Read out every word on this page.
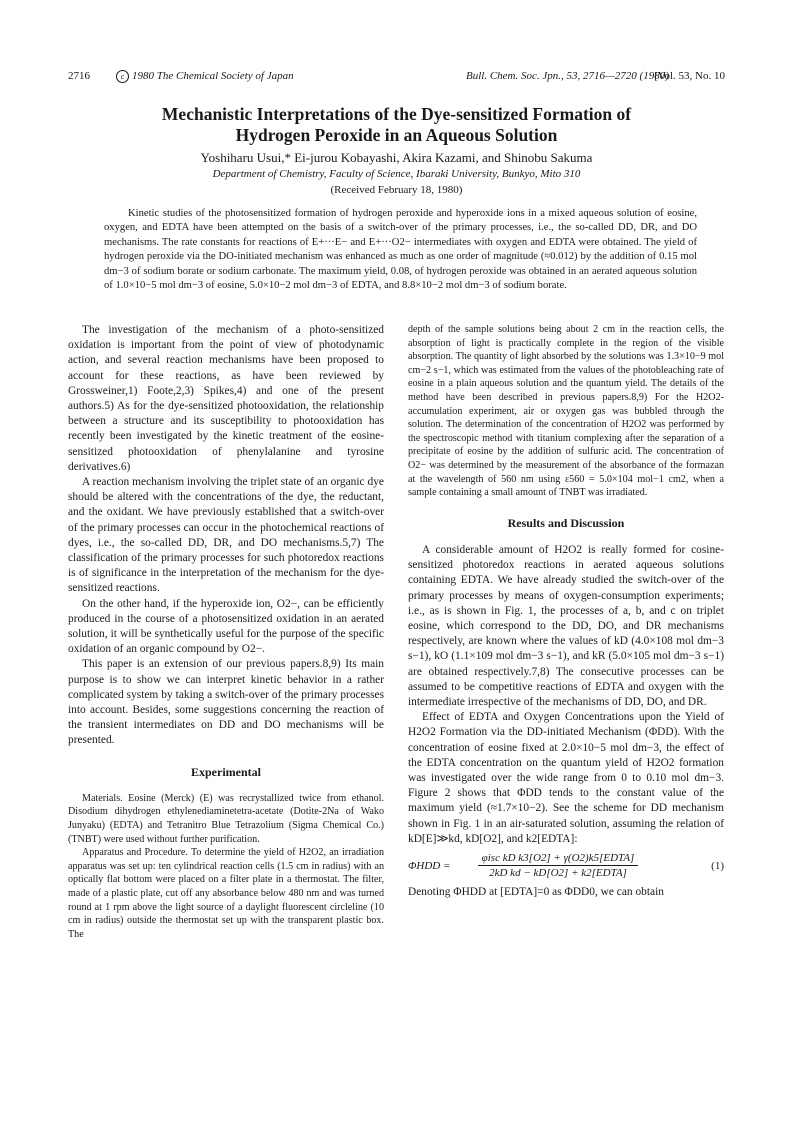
2716	c 1980 The Chemical Society of Japan	Bull. Chem. Soc. Jpn., 53, 2716—2720 (1980)
[Vol. 53, No. 10
Mechanistic Interpretations of the Dye-sensitized Formation of
Hydrogen Peroxide in an Aqueous Solution
Yoshiharu Usui,* Ei-jurou Kobayashi, Akira Kazami, and Shinobu Sakuma
Department of Chemistry, Faculty of Science, Ibaraki University, Bunkyo, Mito 310
(Received February 18, 1980)
Kinetic studies of the photosensitized formation of hydrogen peroxide and hyperoxide ions in a mixed aqueous solution of eosine, oxygen, and EDTA have been attempted on the basis of a switch-over of the primary processes, i.e., the so-called DD, DR, and DO mechanisms. The rate constants for reactions of E+···E− and E+···O2− intermediates with oxygen and EDTA were obtained. The yield of hydrogen peroxide via the DO-initiated mechanism was enhanced as much as one order of magnitude (≈0.012) by the addition of 0.15 mol dm−3 of sodium borate or sodium carbonate. The maximum yield, 0.08, of hydrogen peroxide was obtained in an aerated aqueous solution of 1.0×10−5 mol dm−3 of eosine, 5.0×10−2 mol dm−3 of EDTA, and 8.8×10−2 mol dm−3 of sodium borate.

The investigation of the mechanism of a photo-sensitized oxidation is important from the point of view of photodynamic action, and several reaction mechanisms have been proposed to account for these reactions, as have been reviewed by Grossweiner,1) Foote,2,3) Spikes,4) and one of the present authors.5) As for the dye-sensitized photooxidation, the relationship between a structure and its susceptibility to photooxidation has recently been investigated by the kinetic treatment of the eosine-sensitized photooxidation of phenylalanine and tyrosine derivatives.6)

A reaction mechanism involving the triplet state of an organic dye should be altered with the concentrations of the dye, the reductant, and the oxidant. We have previously established that a switch-over of the primary processes can occur in the photochemical reactions of dyes, i.e., the so-called DD, DR, and DO mechanisms.5,7) The classification of the primary processes for such photoredox reactions is of significance in the interpretation of the mechanism for the dye-sensitized reactions.

On the other hand, if the hyperoxide ion, O2−, can be efficiently produced in the course of a photosensitized oxidation in an aerated solution, it will be synthetically useful for the purpose of the specific oxidation of an organic compound by O2−.

This paper is an extension of our previous papers.8,9) Its main purpose is to show we can interpret kinetic behavior in a rather complicated system by taking a switch-over of the primary processes into account. Besides, some suggestions concerning the reaction of the transient intermediates on DD and DO mechanisms will be presented.

Experimental

Materials. Eosine (Merck) (E) was recrystallized twice from ethanol. Disodium dihydrogen ethylenediaminetetra-acetate (Dotite-2Na of Wako Junyaku) (EDTA) and Tetranitro Blue Tetrazolium (Sigma Chemical Co.) (TNBT) were used without further purification.

Apparatus and Procedure. To determine the yield of H2O2, an irradiation apparatus was set up: ten cylindrical reaction cells (1.5 cm in radius) with an optically flat bottom were placed on a filter plate in a thermostat. The filter, made of a plastic plate, cut off any absorbance below 480 nm and was turned round at 1 rpm above the light source of a daylight fluorescent circleline (10 cm in radius) outside the thermostat set up with the transparent plastic box. The

depth of the sample solutions being about 2 cm in the reaction cells, the absorption of light is practically complete in the region of the visible absorption. The quantity of light absorbed by the solutions was 1.3×10−9 mol cm−2 s−1, which was estimated from the values of the photobleaching rate of eosine in a plain aqueous solution and the quantum yield. The details of the method have been described in previous papers.8,9) For the H2O2-accumulation experiment, air or oxygen gas was bubbled through the solution. The determination of the concentration of H2O2 was performed by the spectroscopic method with titanium complexing after the separation of a precipitate of eosine by the addition of sulfuric acid. The concentration of O2− was determined by the measurement of the absorbance of the formazan at the wavelength of 560 nm using ε560 = 5.0×104 mol−1 cm2, when a sample containing a small amount of TNBT was irradiated.

Results and Discussion

A considerable amount of H2O2 is really formed for cosine-sensitized photoredox reactions in aerated aqueous solutions containing EDTA. We have already studied the switch-over of the primary processes by means of oxygen-consumption experiments; i.e., as is shown in Fig. 1, the processes of a, b, and c on triplet eosine, which correspond to the DD, DO, and DR mechanisms respectively, are known where the values of kD (4.0×108 mol dm−3 s−1), kO (1.1×109 mol dm−3 s−1), and kR (5.0×105 mol dm−3 s−1) are obtained respectively.7,8) The consecutive processes can be assumed to be competitive reactions of EDTA and oxygen with the intermediate irrespective of the mechanisms of DD, DO, and DR.

Effect of EDTA and Oxygen Concentrations upon the Yield of H2O2 Formation via the DD-initiated Mechanism (ΦDD). With the concentration of eosine fixed at 2.0×10−5 mol dm−3, the effect of the EDTA concentration on the quantum yield of H2O2 formation was investigated over the wide range from 0 to 0.10 mol dm−3. Figure 2 shows that ΦDD tends to the constant value of the maximum yield (≈1.7×10−2). See the scheme for DD mechanism shown in Fig. 1 in an air-saturated solution, assuming the relation of kD[E]≫kd, kD[O2], and k2[EDTA]:

ΦHDD =
φisc kD k3[O2] + γ(O2)k5[EDTA]
2kD kd − kD[O2] + k2[EDTA]
(1)

Denoting ΦHDD at [EDTA]=0 as ΦDD0, we can obtain
